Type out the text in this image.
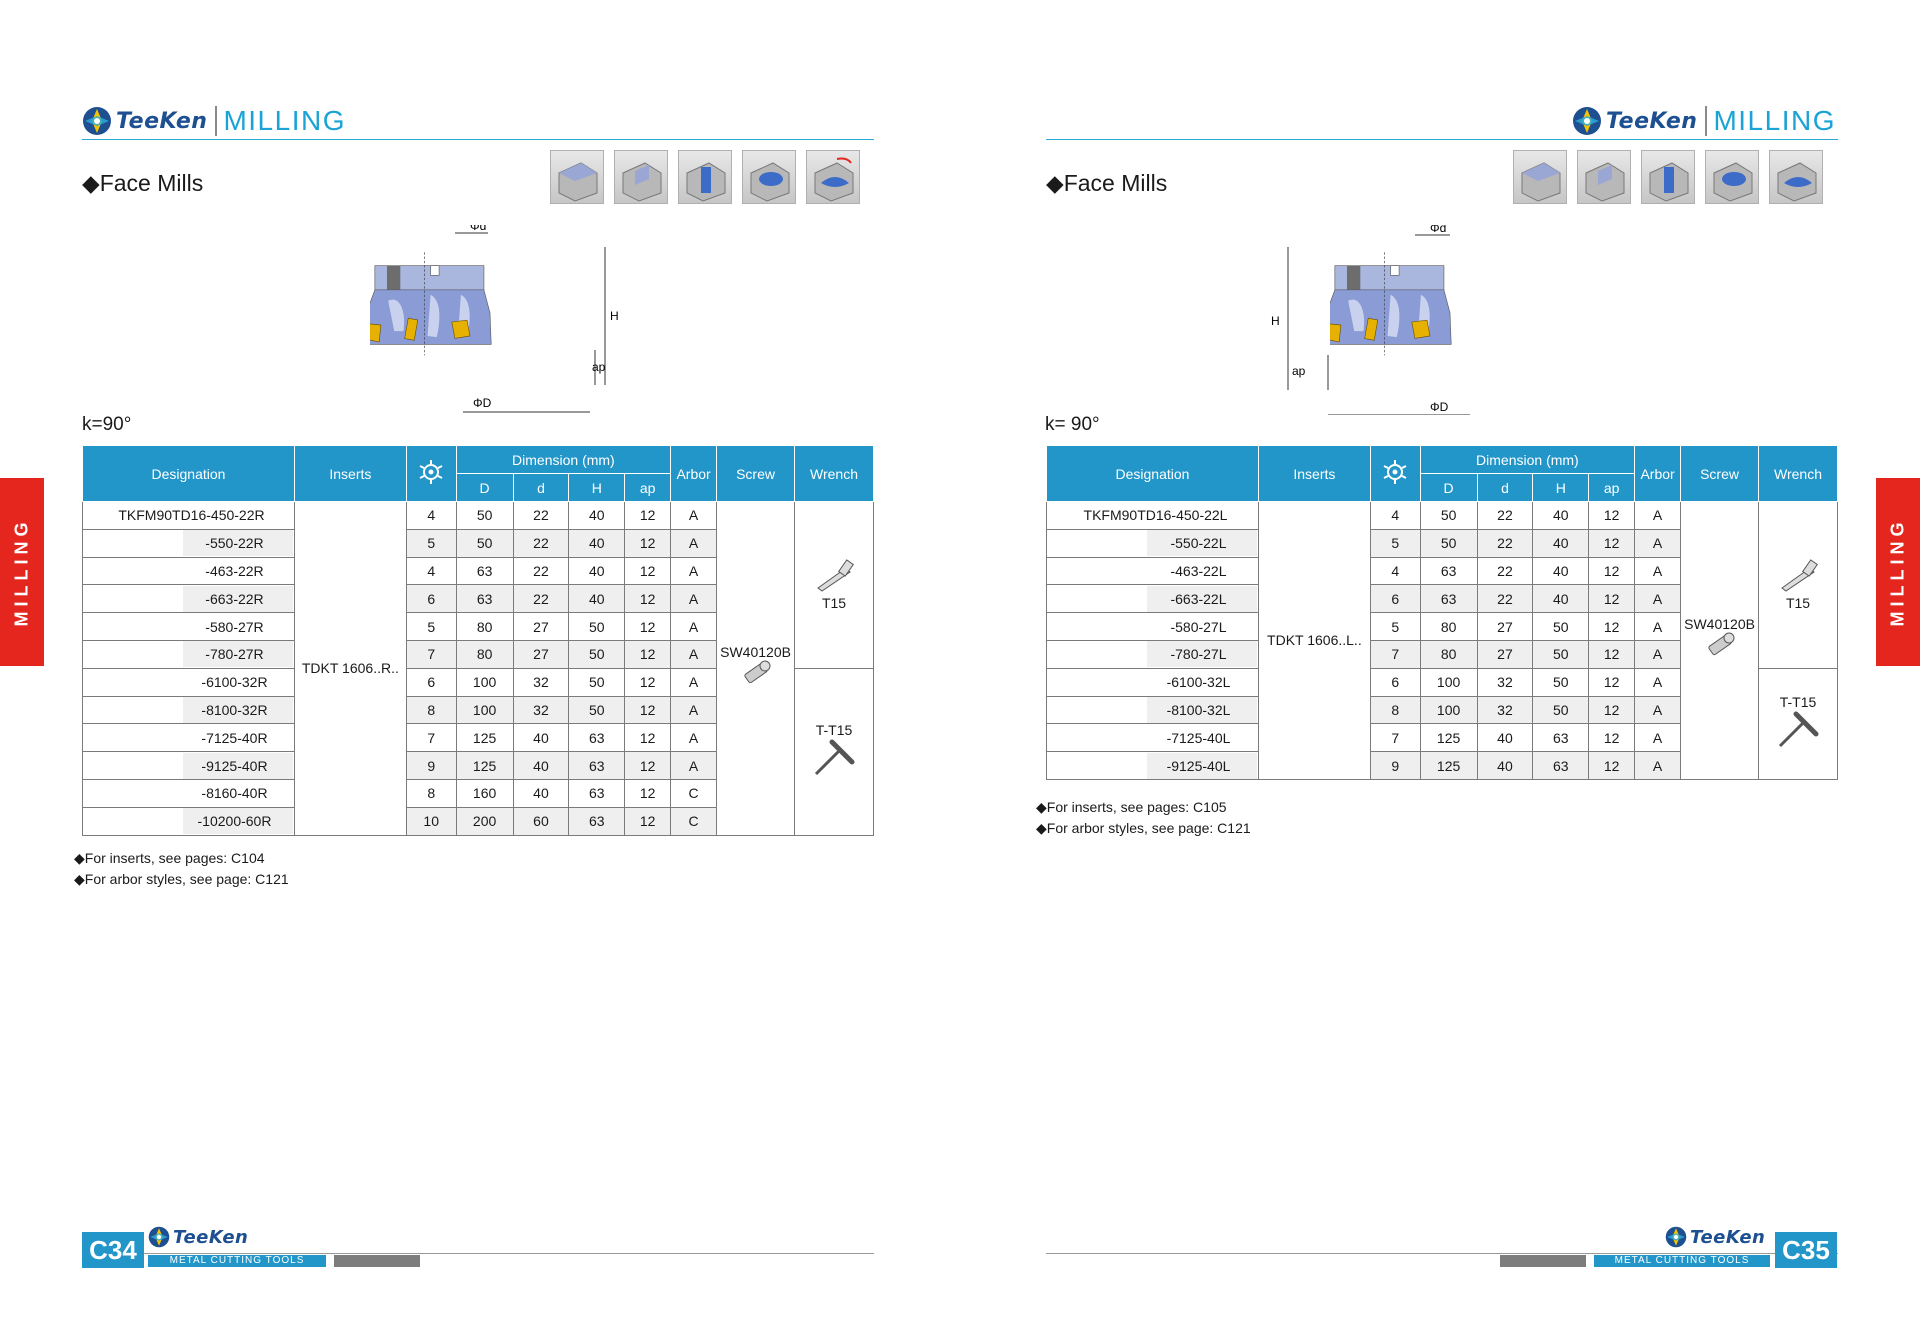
TeeKen MILLING
◆Face Mills
Φd
H
ap
ΦD
k=90°
Designation	Inserts		Dimension (mm)				Arbor	Screw	Wrench
			D	d	H	ap			
TKFM90TD16-450-22R	TDKT 1606..R..	4	50	22	40	12	A	SW40120B	T15

-550-22R		5	50	22	40	12	A		
-463-22R		4	63	22	40	12	A		
-663-22R		6	63	22	40	12	A		
-580-27R		5	80	27	50	12	A		
-780-27R		7	80	27	50	12	A		
-6100-32R		6	100	32	50	12	A		T-T15

-8100-32R		8	100	32	50	12	A		
-7125-40R		7	125	40	63	12	A		
-9125-40R		9	125	40	63	12	A		
-8160-40R		8	160	40	63	12	C		
-10200-60R		10	200	60	63	12	C		
◆For inserts, see pages: C104
◆For arbor styles, see page: C121
C34	TeeKen
METAL CUTTING TOOLS
TeeKen MILLING
◆Face Mills
Φd
H
ap
ΦD
k= 90°
Designation	Inserts		Dimension (mm)				Arbor	Screw	Wrench
			D	d	H	ap			
TKFM90TD16-450-22L	TDKT 1606..L..	4	50	22	40	12	A	SW40120B	T15

-550-22L		5	50	22	40	12	A		
-463-22L		4	63	22	40	12	A		
-663-22L		6	63	22	40	12	A		
-580-27L		5	80	27	50	12	A		
-780-27L		7	80	27	50	12	A		
-6100-32L		6	100	32	50	12	A		T-T15

-8100-32L		8	100	32	50	12	A		
-7125-40L		7	125	40	63	12	A		
-9125-40L		9	125	40	63	12	A		
◆For inserts, see pages: C105
◆For arbor styles, see page: C121
METAL CUTTING TOOLS
TeeKen C35
MILLING	MILLING
